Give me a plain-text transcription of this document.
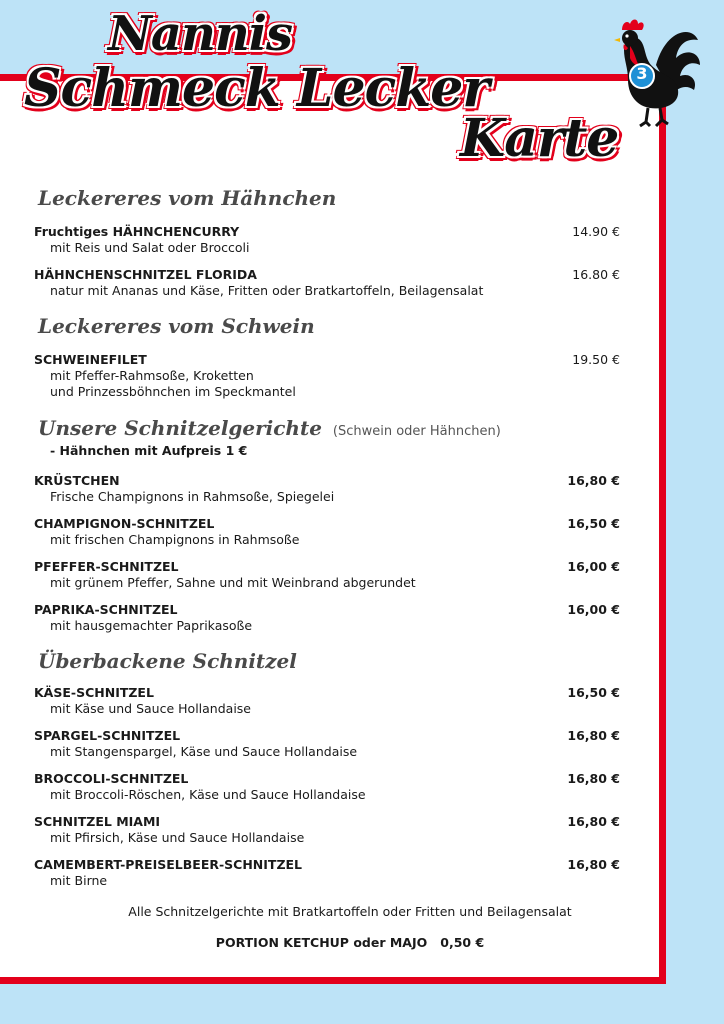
Nannis
Schmeck Lecker
Karte
3
Leckereres vom Hähnchen
Fruchtiges HÄHNCHENCURRY
mit Reis und Salat oder Broccoli
14.90 €
HÄHNCHENSCHNITZEL FLORIDA
natur mit Ananas und Käse, Fritten oder Bratkartoffeln, Beilagensalat
16.80 €
Leckereres vom Schwein
SCHWEINEFILET
mit Pfeffer-Rahmsoße, Kroketten
und Prinzessböhnchen im Speckmantel
19.50 €
Unsere Schnitzelgerichte (Schwein oder Hähnchen)
- Hähnchen mit Aufpreis 1 €
KRÜSTCHEN
Frische Champignons in Rahmsoße, Spiegelei
16,80 €
CHAMPIGNON-SCHNITZEL
mit frischen Champignons in Rahmsoße
16,50 €
PFEFFER-SCHNITZEL
mit grünem Pfeffer, Sahne und mit Weinbrand abgerundet
16,00 €
PAPRIKA-SCHNITZEL
mit hausgemachter Paprikasoße
16,00 €
Überbackene Schnitzel
KÄSE-SCHNITZEL
mit Käse und Sauce Hollandaise
16,50 €
SPARGEL-SCHNITZEL
mit Stangenspargel, Käse und Sauce Hollandaise
16,80 €
BROCCOLI-SCHNITZEL
mit Broccoli-Röschen, Käse und Sauce Hollandaise
16,80 €
SCHNITZEL MIAMI
mit Pfirsich, Käse und Sauce Hollandaise
16,80 €
CAMEMBERT-PREISELBEER-SCHNITZEL
mit Birne
16,80 €
Alle Schnitzelgerichte mit Bratkartoffeln oder Fritten und Beilagensalat
PORTION KETCHUP oder MAJO   0,50 €
